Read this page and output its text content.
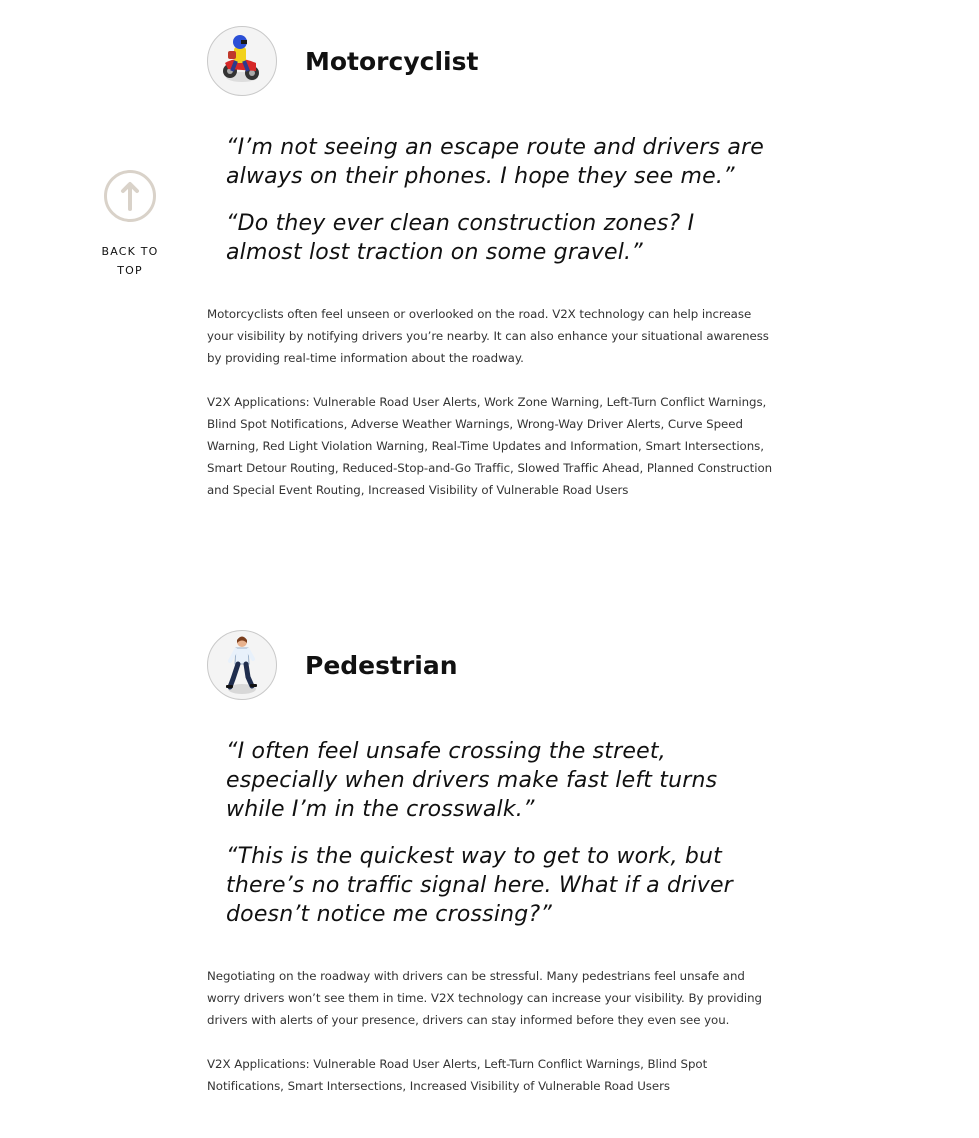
BACK TO TOP
Motorcyclist

“I’m not seeing an escape route and drivers are always on their phones. I hope they see me.”

“Do they ever clean construction zones? I almost lost traction on some gravel.”

Motorcyclists often feel unseen or overlooked on the road. V2X technology can help increase your visibility by notifying drivers you’re nearby. It can also enhance your situational awareness by providing real-time information about the roadway.

V2X Applications: Vulnerable Road User Alerts, Work Zone Warning, Left-Turn Conflict Warnings, Blind Spot Notifications, Adverse Weather Warnings, Wrong-Way Driver Alerts, Curve Speed Warning, Red Light Violation Warning, Real-Time Updates and Information, Smart Intersections, Smart Detour Routing, Reduced-Stop-and-Go Traffic, Slowed Traffic Ahead, Planned Construction and Special Event Routing, Increased Visibility of Vulnerable Road Users

Pedestrian

“I often feel unsafe crossing the street, especially when drivers make fast left turns while I’m in the crosswalk.”

“This is the quickest way to get to work, but there’s no traffic signal here. What if a driver doesn’t notice me crossing?”

Negotiating on the roadway with drivers can be stressful. Many pedestrians feel unsafe and worry drivers won’t see them in time. V2X technology can increase your visibility. By providing drivers with alerts of your presence, drivers can stay informed before they even see you.

V2X Applications: Vulnerable Road User Alerts, Left-Turn Conflict Warnings, Blind Spot Notifications, Smart Intersections, Increased Visibility of Vulnerable Road Users
